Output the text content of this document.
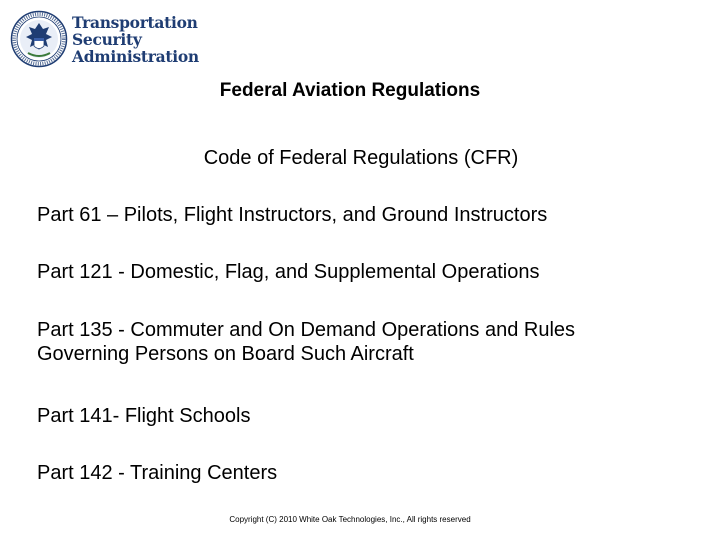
Transportation
Security
Administration
Federal Aviation Regulations
Code of Federal Regulations (CFR)
Part 61 – Pilots, Flight Instructors, and Ground Instructors
Part 121 - Domestic, Flag, and Supplemental Operations
Part 135 - Commuter and On Demand Operations and Rules
Governing Persons on Board Such Aircraft
Part 141- Flight Schools
Part 142 - Training Centers
Copyright (C) 2010 White Oak Technologies, Inc., All rights reserved
